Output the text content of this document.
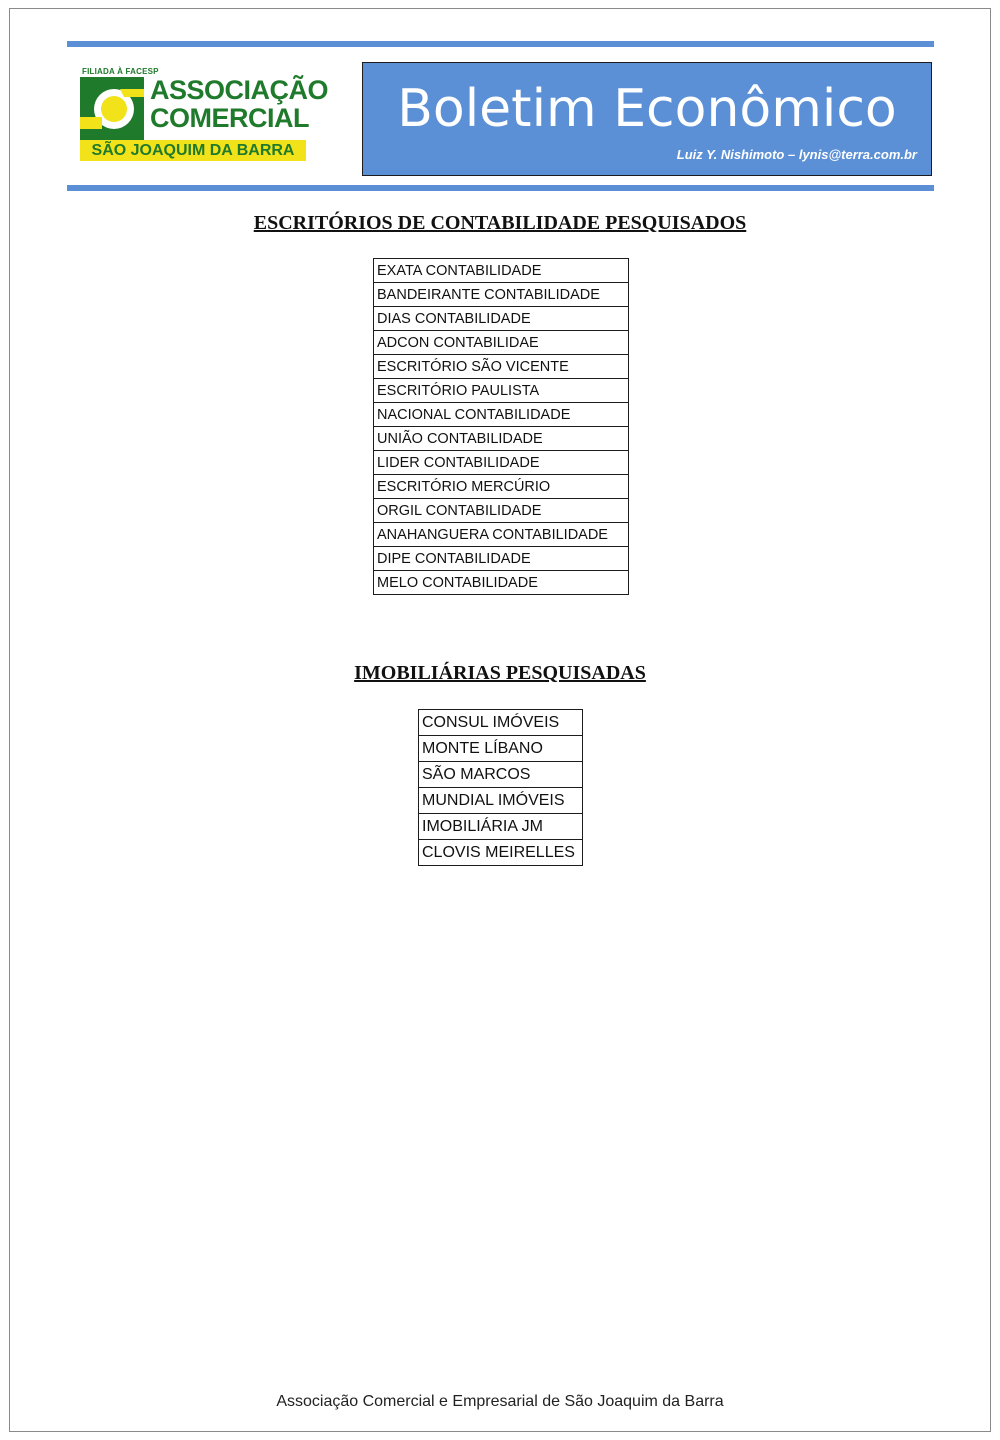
FILIADA À FACESP
ASSOCIAÇÃO
COMERCIAL
SÃO JOAQUIM DA BARRA
Boletim Econômico
Luiz Y. Nishimoto – lynis@terra.com.br
ESCRITÓRIOS DE CONTABILIDADE PESQUISADOS
EXATA CONTABILIDADE
BANDEIRANTE CONTABILIDADE
DIAS CONTABILIDADE
ADCON CONTABILIDAE
ESCRITÓRIO SÃO VICENTE
ESCRITÓRIO PAULISTA
NACIONAL CONTABILIDADE
UNIÃO CONTABILIDADE
LIDER CONTABILIDADE
ESCRITÓRIO MERCÚRIO
ORGIL CONTABILIDADE
ANAHANGUERA CONTABILIDADE
DIPE CONTABILIDADE
MELO CONTABILIDADE
IMOBILIÁRIAS PESQUISADAS
CONSUL IMÓVEIS
MONTE LÍBANO
SÃO MARCOS
MUNDIAL IMÓVEIS
IMOBILIÁRIA JM
CLOVIS MEIRELLES
Associação Comercial e Empresarial de São Joaquim da Barra
